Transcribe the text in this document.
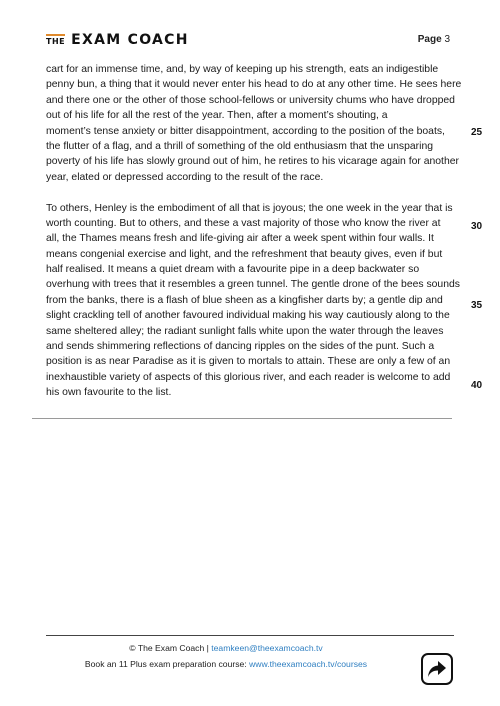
THE EXAM COACH	Page 3
cart for an immense time, and, by way of keeping up his strength, eats an indigestible
penny bun, a thing that it would never enter his head to do at any other time. He sees here
and there one or the other of those school-fellows or university chums who have dropped
out of his life for all the rest of the year. Then, after a moment’s shouting, a
moment’s tense anxiety or bitter disappointment, according to the position of the boats,
the flutter of a flag, and a thrill of something of the old enthusiasm that the unsparing
poverty of his life has slowly ground out of him, he retires to his vicarage again for another
year, elated or depressed according to the result of the race.
To others, Henley is the embodiment of all that is joyous; the one week in the year that is
worth counting. But to others, and these a vast majority of those who know the river at
all, the Thames means fresh and life-giving air after a week spent within four walls. It
means congenial exercise and light, and the refreshment that beauty gives, even if but
half realised. It means a quiet dream with a favourite pipe in a deep backwater so
overhung with trees that it resembles a green tunnel. The gentle drone of the bees sounds
from the banks, there is a flash of blue sheen as a kingfisher darts by; a gentle dip and
slight crackling tell of another favoured individual making his way cautiously along to the
same sheltered alley; the radiant sunlight falls white upon the water through the leaves
and sends shimmering reflections of dancing ripples on the sides of the punt. Such a
position is as near Paradise as it is given to mortals to attain. These are only a few of an
inexhaustible variety of aspects of this glorious river, and each reader is welcome to add
his own favourite to the list.
25
30
35
40
© The Exam Coach | teamkeen@theexamcoach.tv
Book an 11 Plus exam preparation course: www.theexamcoach.tv/courses
